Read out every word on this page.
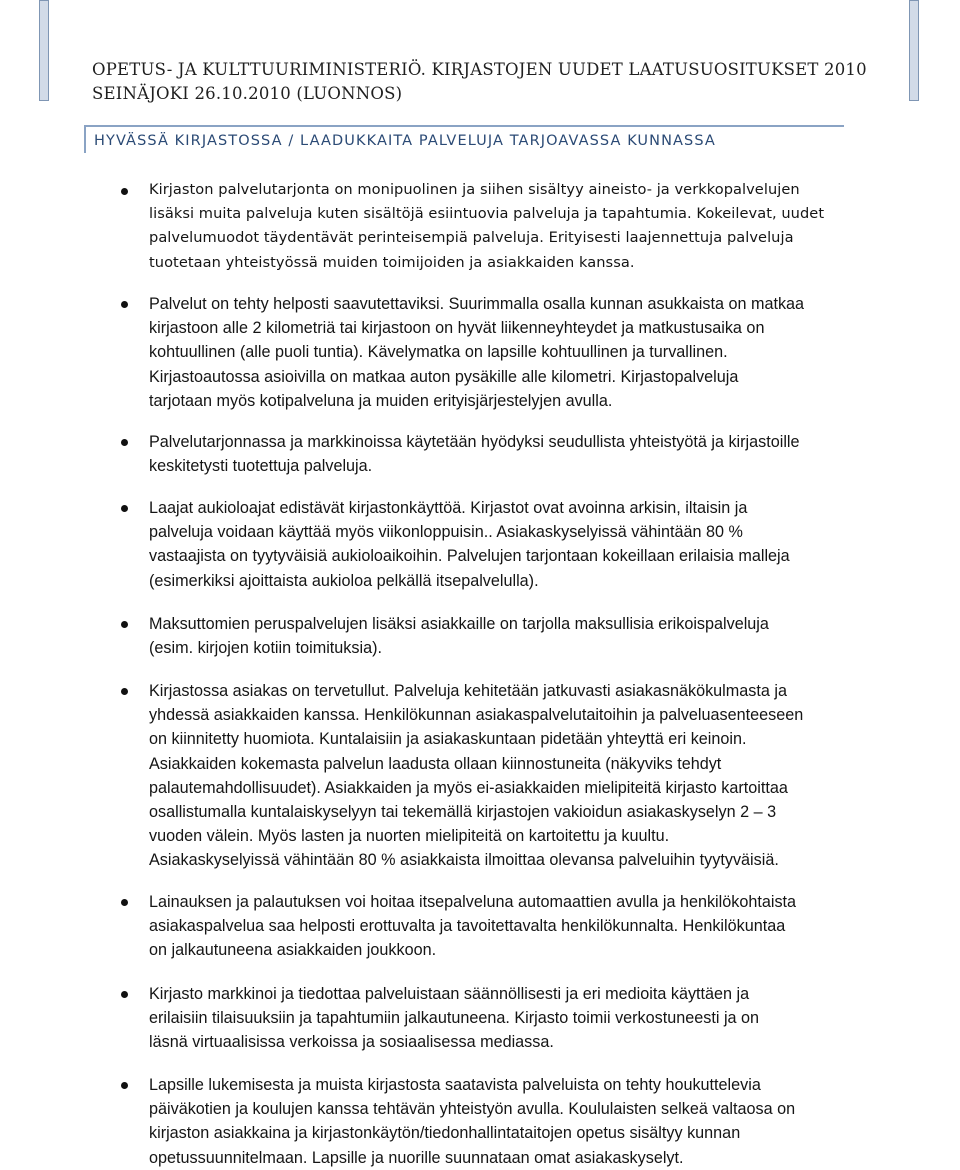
OPETUS- JA KULTTUURIMINISTERIÖ. KIRJASTOJEN UUDET LAATUSUOSITUKSET 2010
SEINÄJOKI 26.10.2010 (LUONNOS)
HYVÄSSÄ KIRJASTOSSA / LAADUKKAITA PALVELUJA TARJOAVASSA KUNNASSA
Kirjaston palvelutarjonta on monipuolinen ja siihen sisältyy aineisto- ja verkkopalvelujen
lisäksi muita palveluja kuten sisältöjä esiintuovia palveluja ja tapahtumia. Kokeilevat, uudet
palvelumuodot täydentävät perinteisempiä palveluja. Erityisesti laajennettuja palveluja
tuotetaan yhteistyössä muiden toimijoiden ja asiakkaiden kanssa.
Palvelut on tehty helposti saavutettaviksi. Suurimmalla osalla kunnan asukkaista on matkaa
kirjastoon alle 2 kilometriä tai kirjastoon on hyvät liikenneyhteydet ja matkustusaika on
kohtuullinen (alle puoli tuntia). Kävelymatka on lapsille kohtuullinen ja turvallinen.
Kirjastoautossa asioivilla on matkaa auton pysäkille alle kilometri. Kirjastopalveluja
tarjotaan myös kotipalveluna ja muiden erityisjärjestelyjen avulla.
Palvelutarjonnassa ja markkinoissa käytetään hyödyksi seudullista yhteistyötä ja kirjastoille
keskitetysti tuotettuja palveluja.
Laajat aukioloajat edistävät kirjastonkäyttöä. Kirjastot ovat avoinna arkisin, iltaisin ja
palveluja voidaan käyttää myös viikonloppuisin.. Asiakaskyselyissä vähintään 80 %
vastaajista on tyytyväisiä aukioloaikoihin. Palvelujen tarjontaan kokeillaan erilaisia malleja
(esimerkiksi ajoittaista aukioloa pelkällä itsepalvelulla).
Maksuttomien peruspalvelujen lisäksi asiakkaille on tarjolla maksullisia erikoispalveluja
(esim. kirjojen kotiin toimituksia).
Kirjastossa asiakas on tervetullut. Palveluja kehitetään jatkuvasti asiakasnäkökulmasta ja
yhdessä asiakkaiden kanssa. Henkilökunnan asiakaspalvelutaitoihin ja palveluasenteeseen
on kiinnitetty huomiota. Kuntalaisiin ja asiakaskuntaan pidetään yhteyttä eri keinoin.
Asiakkaiden kokemasta palvelun laadusta ollaan kiinnostuneita (näkyviks tehdyt
palautemahdollisuudet). Asiakkaiden ja myös ei-asiakkaiden mielipiteitä kirjasto kartoittaa
osallistumalla kuntalaiskyselyyn tai tekemällä kirjastojen vakioidun asiakaskyselyn 2 – 3
vuoden välein. Myös lasten ja nuorten mielipiteitä on kartoitettu ja kuultu.
Asiakaskyselyissä vähintään 80 % asiakkaista ilmoittaa olevansa palveluihin tyytyväisiä.
Lainauksen ja palautuksen voi hoitaa itsepalveluna automaattien avulla ja henkilökohtaista
asiakaspalvelua saa helposti erottuvalta ja tavoitettavalta henkilökunnalta. Henkilökuntaa
on jalkautuneena asiakkaiden joukkoon.
Kirjasto markkinoi ja tiedottaa palveluistaan säännöllisesti ja eri medioita käyttäen ja
erilaisiin tilaisuuksiin ja tapahtumiin jalkautuneena. Kirjasto toimii verkostuneesti ja on
läsnä virtuaalisissa verkoissa ja sosiaalisessa mediassa.
Lapsille lukemisesta ja muista kirjastosta saatavista palveluista on tehty houkuttelevia
päiväkotien ja koulujen kanssa tehtävän yhteistyön avulla. Koululaisten selkeä valtaosa on
kirjaston asiakkaina ja kirjastonkäytön/tiedonhallintataitojen opetus sisältyy kunnan
opetussuunnitelmaan. Lapsille ja nuorille suunnataan omat asiakaskyselyt.
